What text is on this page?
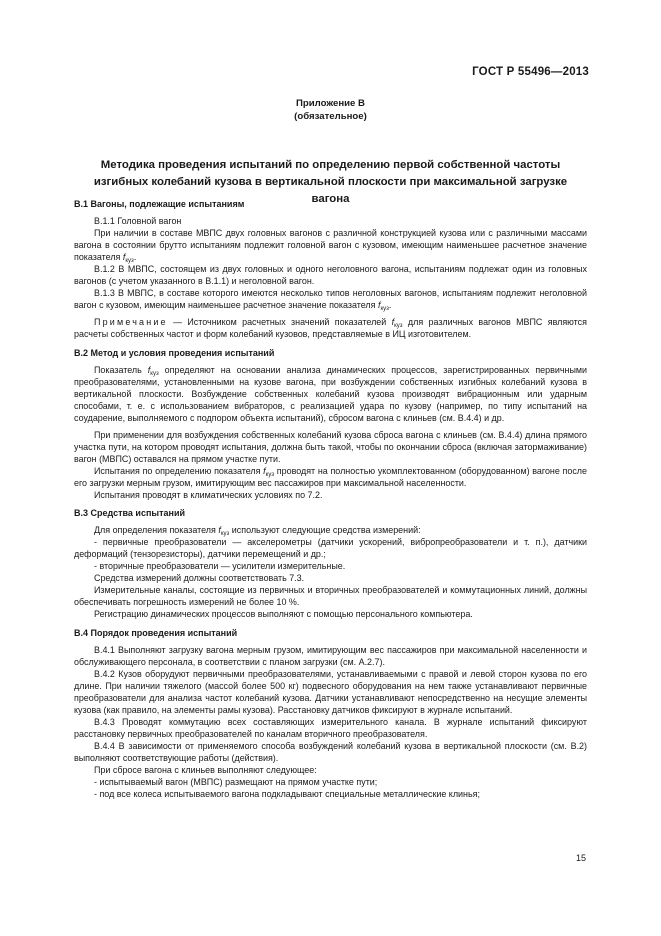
ГОСТ Р 55496—2013
Приложение В
(обязательное)
Методика проведения испытаний по определению первой собственной частоты изгибных колебаний кузова в вертикальной плоскости при максимальной загрузке вагона
В.1 Вагоны, подлежащие испытаниям

В.1.1 Головной вагон

При наличии в составе МВПС двух головных вагонов с различной конструкцией кузова или с различными массами вагона в состоянии брутто испытаниям подлежит головной вагон с кузовом, имеющим наименьшее расчетное значение показателя $f_{куз}$.

В.1.2 В МВПС, состоящем из двух головных и одного неголовного вагона, испытаниям подлежат один из головных вагонов (с учетом указанного в В.1.1) и неголовной вагон.

В.1.3 В МВПС, в составе которого имеются несколько типов неголовных вагонов, испытаниям подлежит неголовной вагон с кузовом, имеющим наименьшее расчетное значение показателя $f_{куз}$.

Примечание — Источником расчетных значений показателей $f_{куз}$ для различных вагонов МВПС являются расчеты собственных частот и форм колебаний кузовов, представляемые в ИЦ изготовителем.

В.2 Метод и условия проведения испытаний

Показатель $f_{куз}$ определяют на основании анализа динамических процессов, зарегистрированных первичными преобразователями, установленными на кузове вагона, при возбуждении собственных изгибных колебаний кузова в вертикальной плоскости. Возбуждение собственных колебаний кузова производят вибрационным или ударным способами, т. е. с использованием вибраторов, с реализацией удара по кузову (например, по типу испытаний на соударение, выполняемого с подпором объекта испытаний), сбросом вагона с клиньев (см. В.4.4) и др.

При применении для возбуждения собственных колебаний кузова сброса вагона с клиньев (см. В.4.4) длина прямого участка пути, на котором проводят испытания, должна быть такой, чтобы по окончании сброса (включая затормаживание) вагон (МВПС) оставался на прямом участке пути.

Испытания по определению показателя $f_{куз}$ проводят на полностью укомплектованном (оборудованном) вагоне после его загрузки мерным грузом, имитирующим вес пассажиров при максимальной населенности.

Испытания проводят в климатических условиях по 7.2.

В.3 Средства испытаний

Для определения показателя $f_{куз}$ используют следующие средства измерений:

- первичные преобразователи — акселерометры (датчики ускорений, вибропреобразователи и т. п.), датчики деформаций (тензорезисторы), датчики перемещений и др.;

- вторичные преобразователи — усилители измерительные.

Средства измерений должны соответствовать 7.3.

Измерительные каналы, состоящие из первичных и вторичных преобразователей и коммутационных линий, должны обеспечивать погрешность измерений не более 10 %.

Регистрацию динамических процессов выполняют с помощью персонального компьютера.

В.4 Порядок проведения испытаний

В.4.1 Выполняют загрузку вагона мерным грузом, имитирующим вес пассажиров при максимальной населенности и обслуживающего персонала, в соответствии с планом загрузки (см. А.2.7).

В.4.2 Кузов оборудуют первичными преобразователями, устанавливаемыми с правой и левой сторон кузова по его длине. При наличии тяжелого (массой более 500 кг) подвесного оборудования на нем также устанавливают первичные преобразователи для анализа частот колебаний кузова. Датчики устанавливают непосредственно на несущие элементы кузова (как правило, на элементы рамы кузова). Расстановку датчиков фиксируют в журнале испытаний.

В.4.3 Проводят коммутацию всех составляющих измерительного канала. В журнале испытаний фиксируют расстановку первичных преобразователей по каналам вторичного преобразователя.

В.4.4 В зависимости от применяемого способа возбуждений колебаний кузова в вертикальной плоскости (см. В.2) выполняют соответствующие работы (действия).

При сбросе вагона с клиньев выполняют следующее:

- испытываемый вагон (МВПС) размещают на прямом участке пути;

- под все колеса испытываемого вагона подкладывают специальные металлические клинья;

15
